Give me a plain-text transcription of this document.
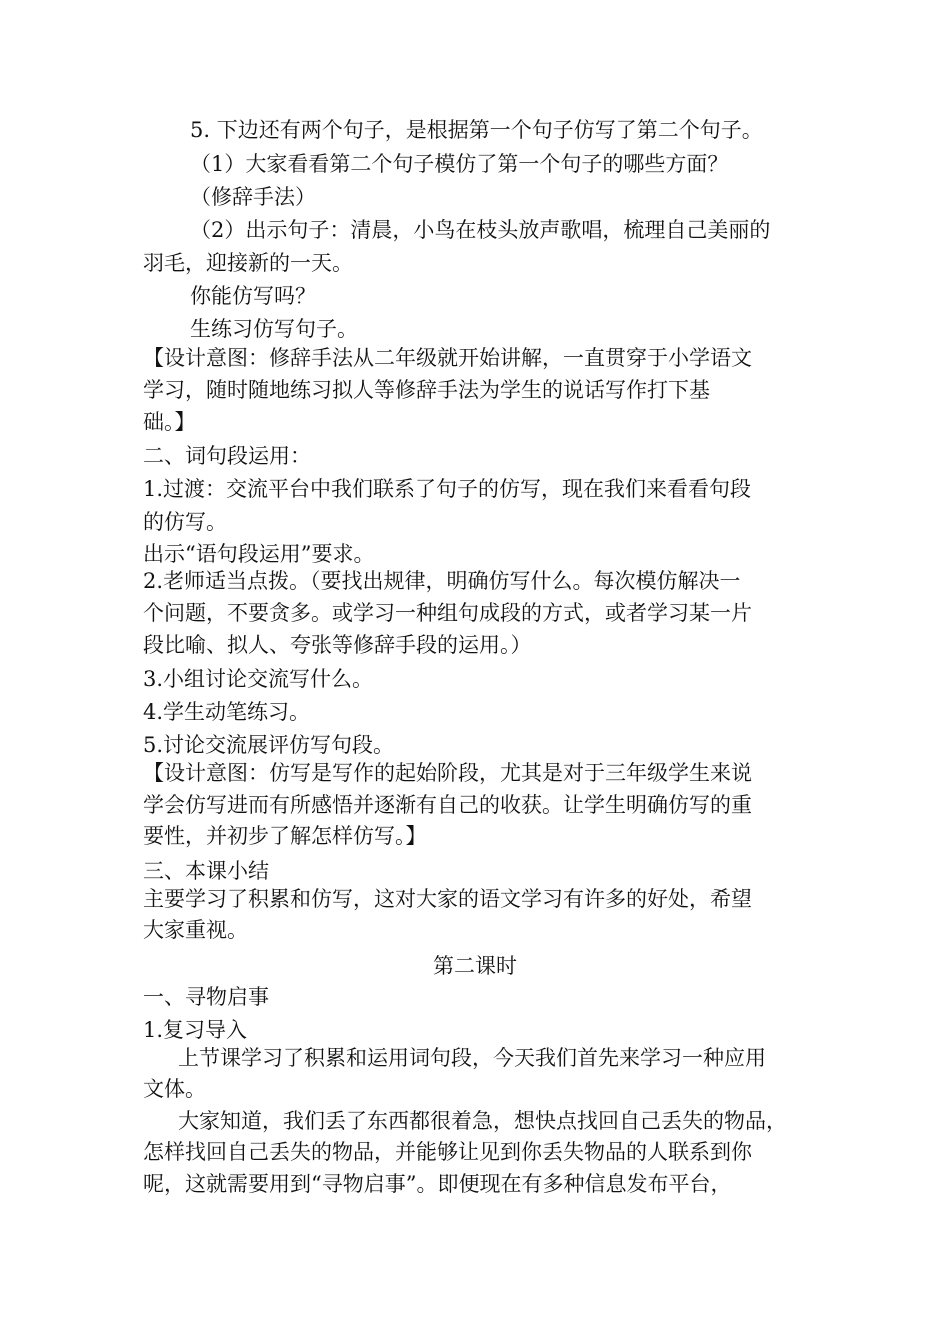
5. 下边还有两个句子，是根据第一个句子仿写了第二个句子。
（1）大家看看第二个句子模仿了第一个句子的哪些方面？
（修辞手法）
（2）出示句子：清晨，小鸟在枝头放声歌唱，梳理自己美丽的
羽毛，迎接新的一天。
你能仿写吗？
生练习仿写句子。
【设计意图：修辞手法从二年级就开始讲解，一直贯穿于小学语文
学习，随时随地练习拟人等修辞手法为学生的说话写作打下基
础。】
二、词句段运用：
1.过渡：交流平台中我们联系了句子的仿写，现在我们来看看句段
的仿写。
出示“语句段运用”要求。
2.老师适当点拨。（要找出规律，明确仿写什么。每次模仿解决一
个问题，不要贪多。或学习一种组句成段的方式，或者学习某一片
段比喻、拟人、夸张等修辞手段的运用。）
3.小组讨论交流写什么。
4.学生动笔练习。
5.讨论交流展评仿写句段。
【设计意图：仿写是写作的起始阶段，尤其是对于三年级学生来说
学会仿写进而有所感悟并逐渐有自己的收获。让学生明确仿写的重
要性，并初步了解怎样仿写。】
三、本课小结
主要学习了积累和仿写，这对大家的语文学习有许多的好处，希望
大家重视。
第二课时
一、寻物启事
1.复习导入
上节课学习了积累和运用词句段，今天我们首先来学习一种应用
文体。
大家知道，我们丢了东西都很着急，想快点找回自己丢失的物品，
怎样找回自己丢失的物品，并能够让见到你丢失物品的人联系到你
呢，这就需要用到“寻物启事”。即便现在有多种信息发布平台，
